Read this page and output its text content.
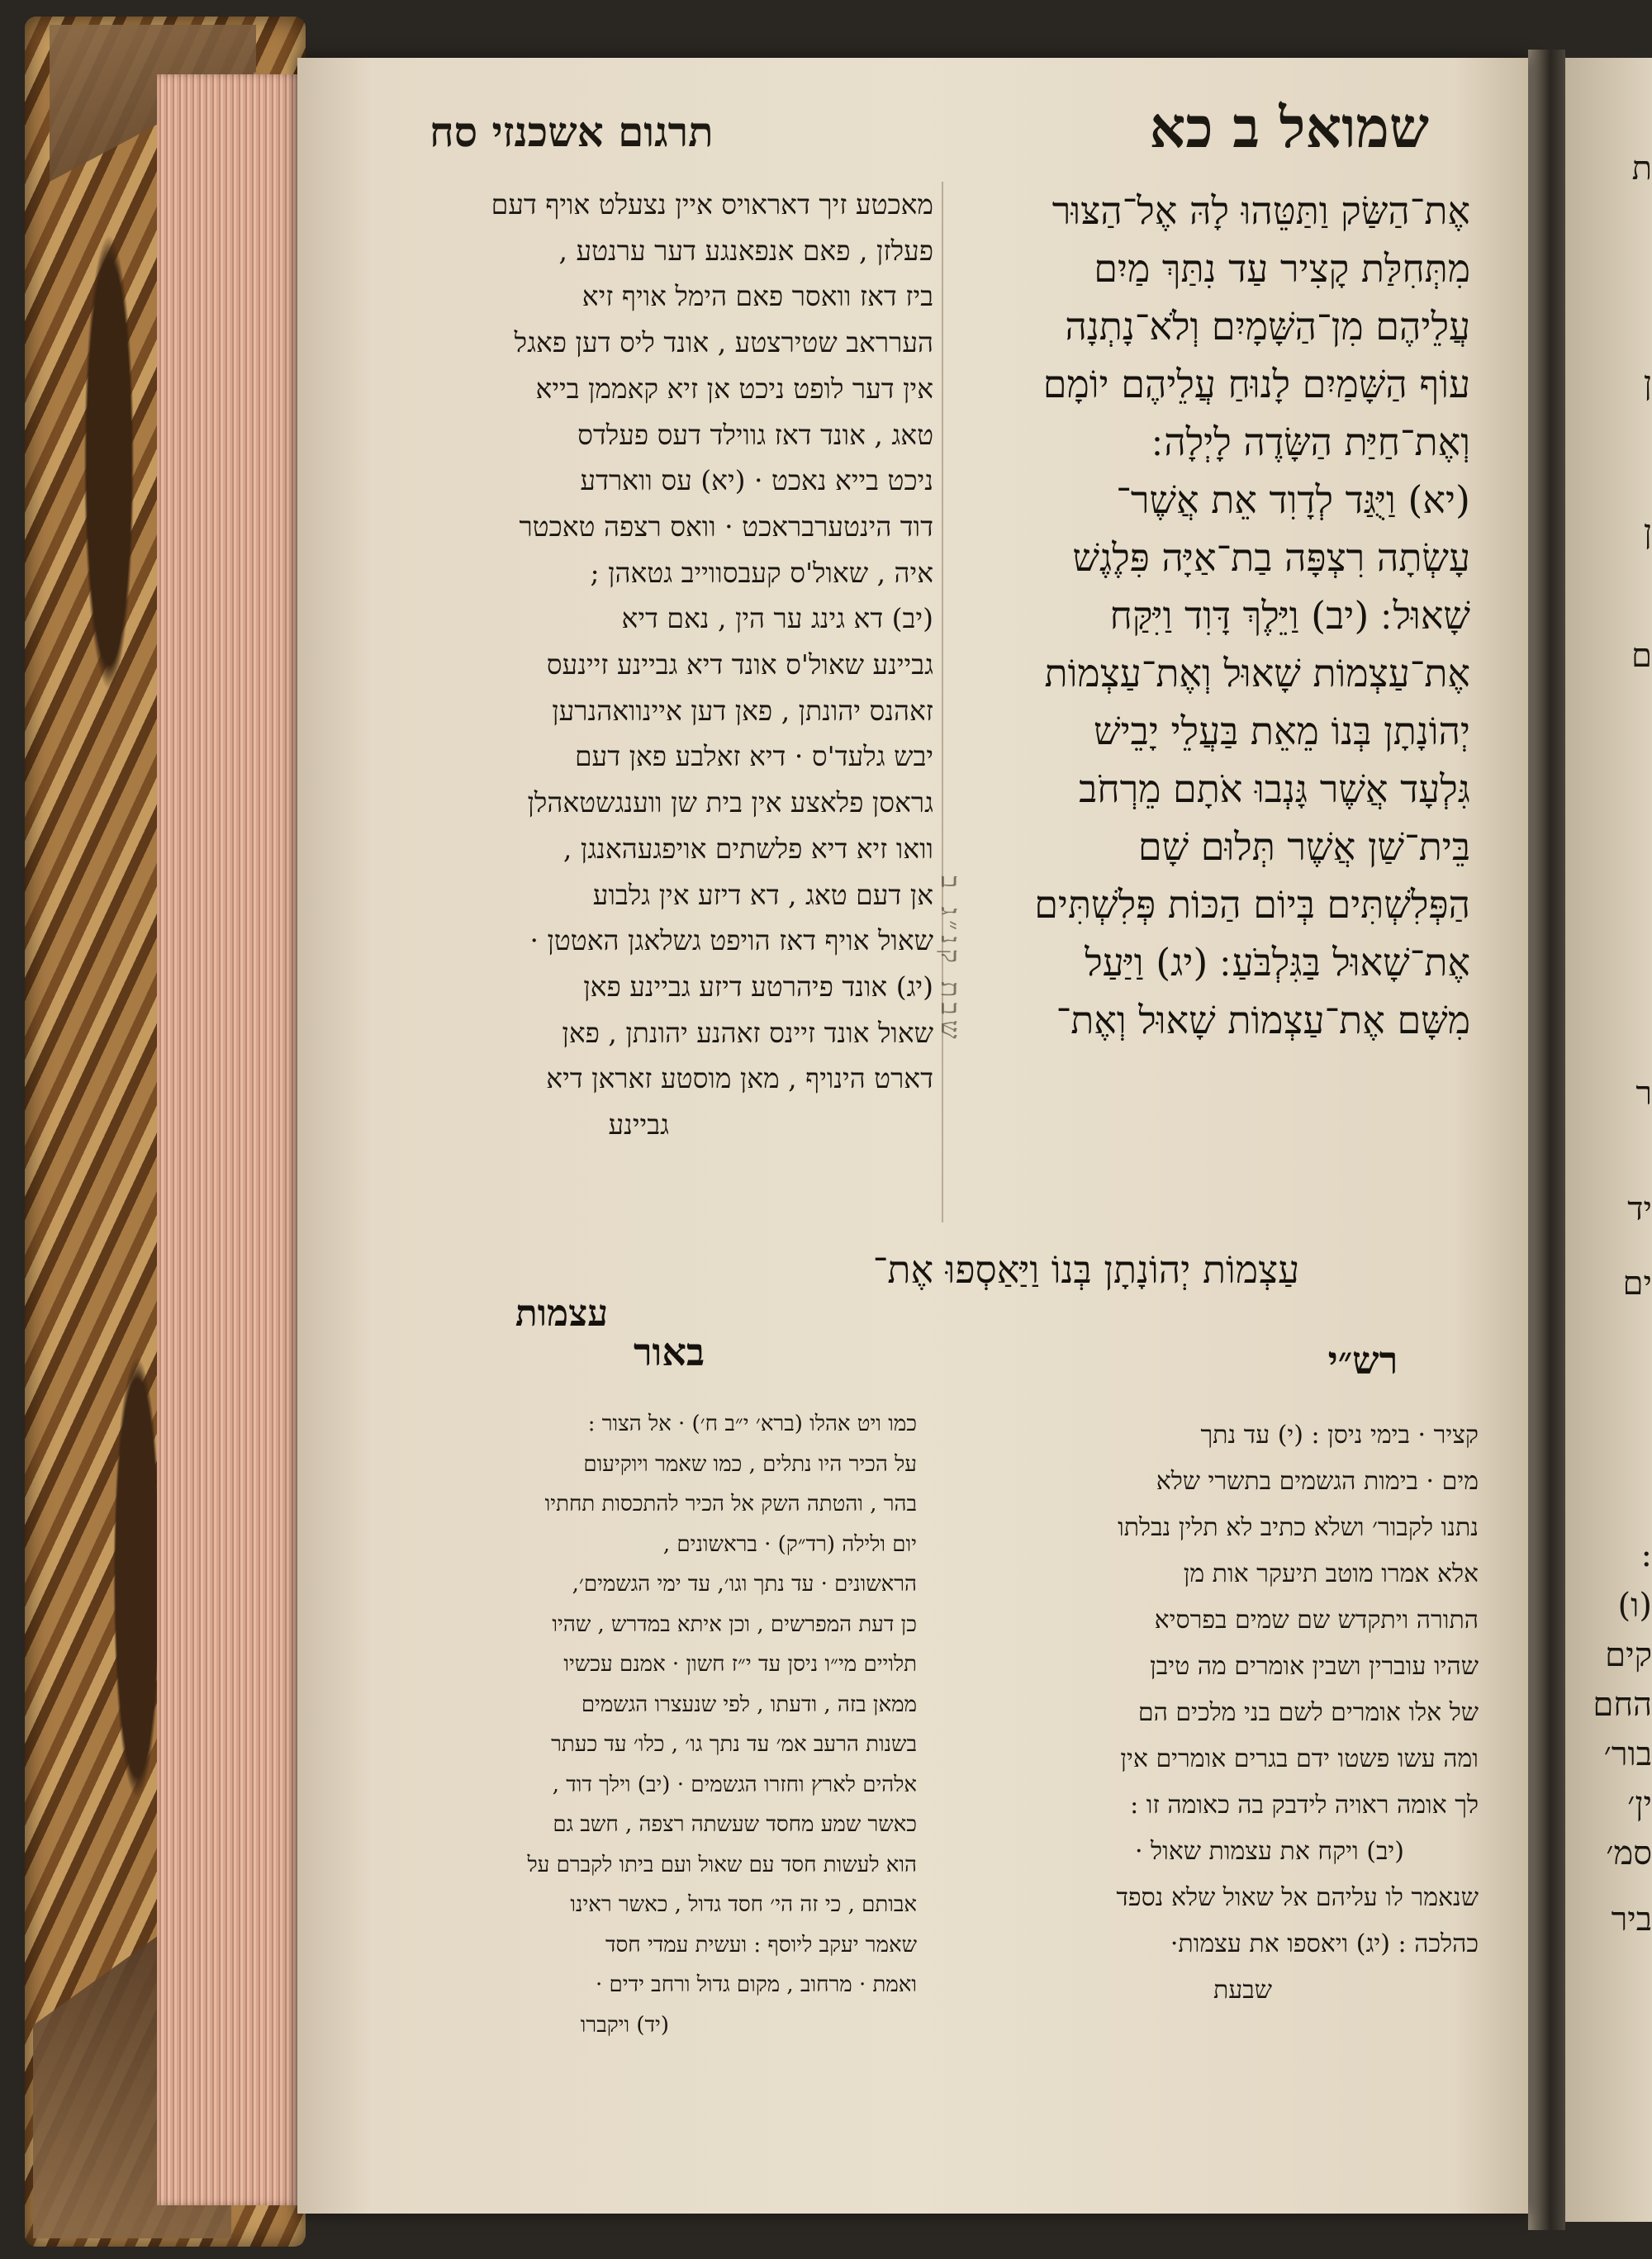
ת
ן
ן
ם
ר
יד
ים
:
(ו)
קים
החם
בור׳
ין׳
סמ׳
ביר
שמואל ב כא
תרגום אשכנזי סח
אֶת־הַשַּׂק וַתַּטֵּהוּ לָהּ אֶל־הַצּוּר
מִתְּחִלַּת קָצִיר עַד נִתַּךְ מַיִם
עֲלֵיהֶם מִן־הַשָּׁמָיִם וְלֹא־נָתְנָה
עוֹף הַשָּׁמַיִם לָנוּחַ עֲלֵיהֶם יוֹמָם
וְאֶת־חַיַּת הַשָּׂדֶה לָיְלָה ׃
(יא) וַיֻּגַּד לְדָוִד אֵת אֲשֶׁר־
עָשְׂתָה רִצְפָּה בַת־אַיָּה פִּלֶגֶשׁ
שָׁאוּל ׃ (יב) וַיֵּלֶךְ דָּוִד וַיִּקַּח
אֶת־עַצְמוֹת שָׁאוּל וְאֶת־עַצְמוֹת
יְהוֹנָתָן בְּנוֹ מֵאֵת בַּעֲלֵי יָבֵישׁ
גִּלְעָד אֲשֶׁר גָּנְבוּ אֹתָם מֵרְחֹב
בֵּית־שַׁן אֲשֶׁר תְּלוּם שָׁם
הַפְּלִשְׁתִּים בְּיוֹם הַכּוֹת פְּלִשְׁתִּים
אֶת־שָׁאוּל בַּגִּלְבֹּעַ ׃ (יג) וַיַּעַל
מִשָּׁם אֶת־עַצְמוֹת שָׁאוּל וְאֶת־
עַצְמוֹת יְהוֹנָתָן בְּנוֹ וַיַּאַסְפוּ אֶת־
שבת קנ״ג ב
מאכטע זיך דאראויס איין נצעלט אויף דעם
פעלזן , פאם אנפאנגע דער ערנטע ,
ביז דאז וואסר פאם הימל אויף זיא
הערראב שטירצטע , אונד ליס דען פאגל
אין דער לופט ניכט אן זיא קאממן בייא
טאג , אונד דאז גווילד דעס פעלדס
ניכט בייא נאכט · (יא) עס ווארדע
דוד הינטערבראכט · וואס רצפה טאכטר
איה , שאול'ס קעבסווייב גטאהן ;
(יב) דא גינג ער הין , נאם דיא
גביינע שאול'ס אונד דיא גביינע זיינעס
זאהנס יהונתן , פאן דען איינוואהנרען
יבש גלעד'ס · דיא זאלבע פאן דעם
גראסן פלאצע אין בית שן ווענגשטאהלן
וואו זיא דיא פלשתים אויפגעהאנגן ,
אן דעם טאג , דא דיזע אין גלבוע
שאול אויף דאז הויפט גשלאגן האטטן ·
(יג) אונד פיהרטע דיזע גביינע פאן
שאול אונד זיינס זאהנע יהונתן , פאן
דארט הינויף , מאן מוסטע זאראן דיא
גביינע
עצמות
רש״י
באור
קציר · בימי ניסן : (י) עד נתך
מים · בימות הגשמים בתשרי שלא
נתנו לקבור׳ ושלא כתיב לא תלין נבלתו
אלא אמרו מוטב תיעקר אות מן
התורה ויתקדש שם שמים בפרסיא
שהיו עוברין ושבין אומרים מה טיבן
של אלו אומרים לשם בני מלכים הם
ומה עשו פשטו ידם בגרים אומרים אין
לך אומה ראויה לידבק בה כאומה זו :
(יב) ויקח את עצמות שאול ·
שנאמר לו עליהם אל שאול שלא נספד
כהלכה : (יג) ויאספו את עצמות·
שבעת
כמו ויט אהלו (ברא׳ י״ב ח׳) · אל הצור :
על הכיר היו נתלים , כמו שאמר ויוקיעום
בהר , והטתה השק אל הכיר להתכסות תחתיו
יום ולילה (רד״ק) · בראשונים ,
הראשונים · עד נתך וגו׳, עד ימי הגשמים׳,
כן דעת המפרשים , וכן איתא במדרש , שהיו
תלויים מי״ו ניסן עד י״ז חשון · אמנם עכשיו
ממאן בזה , ודעתו , לפי שנעצרו הגשמים
בשנות הרעב אמ׳ עד נתך גו׳ , כלו׳ עד כעתר
אלהים לארץ וחזרו הגשמים · (יב) וילך דוד ,
כאשר שמע מחסד שעשתה רצפה , חשב גם
הוא לעשות חסד עם שאול ועם ביתו לקברם על
אבותם , כי זה הי׳ חסד גדול , כאשר ראינו
שאמר יעקב ליוסף : ועשית עמדי חסד
ואמת · מרחוב , מקום גדול ורחב ידים ·
(יד) ויקברו
